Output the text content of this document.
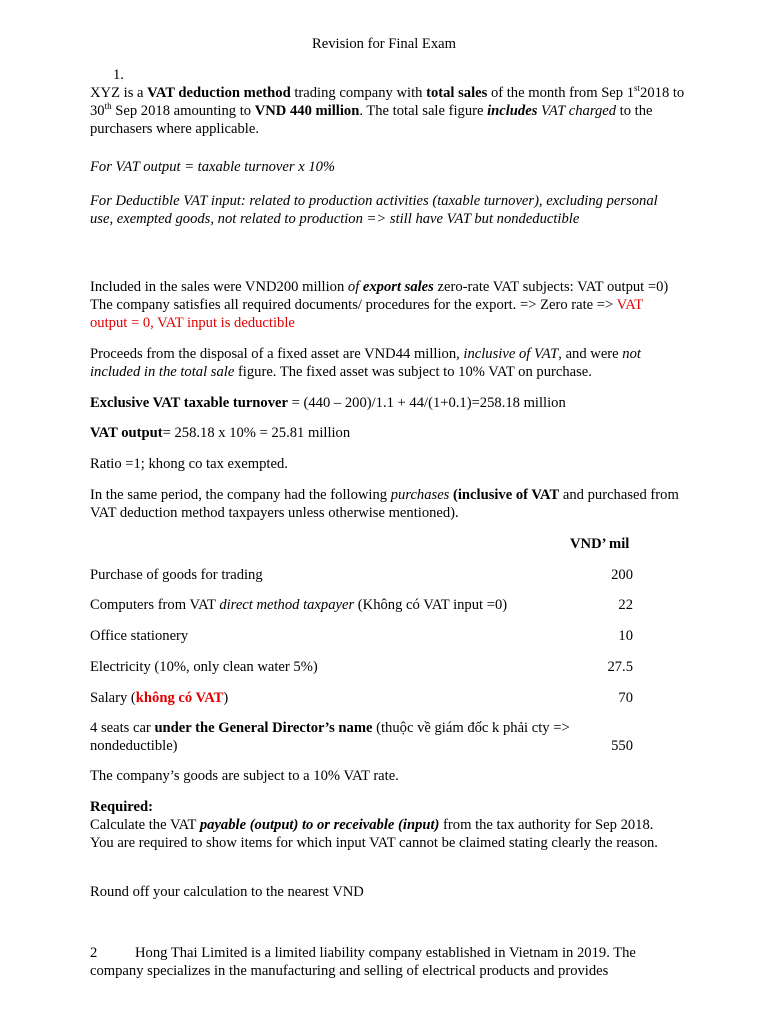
Revision for Final Exam
1.
XYZ is a VAT deduction method trading company with total sales of the month from Sep 1st2018 to 30th Sep 2018 amounting to VND 440 million. The total sale figure includes VAT charged to the purchasers where applicable.
For VAT output = taxable turnover x 10%
For Deductible VAT input: related to production activities (taxable turnover), excluding personal use, exempted goods, not related to production => still have VAT but nondeductible
Included in the sales were VND200 million of export sales zero-rate VAT subjects: VAT output =0) The company satisfies all required documents/ procedures for the export. => Zero rate => VAT output = 0, VAT input is deductible
Proceeds from the disposal of a fixed asset are VND44 million, inclusive of VAT, and were not included in the total sale figure. The fixed asset was subject to 10% VAT on purchase.
Exclusive VAT taxable turnover = (440 – 200)/1.1 + 44/(1+0.1)=258.18 million
VAT output= 258.18 x 10% = 25.81 million
Ratio =1; khong co tax exempted.
In the same period, the company had the following purchases (inclusive of VAT and purchased from VAT deduction method taxpayers unless otherwise mentioned).
VND’ mil
Purchase of goods for trading	200
Computers from VAT direct method taxpayer (Không có VAT input =0)	22
Office stationery	10
Electricity (10%, only clean water 5%)	27.5
Salary (không có VAT)	70
4 seats car under the General Director’s name (thuộc về giám đốc k phải cty => nondeductible)	550
The company’s goods are subject to a 10% VAT rate.
Required:
Calculate the VAT payable (output) to or receivable (input) from the tax authority for Sep 2018. You are required to show items for which input VAT cannot be claimed stating clearly the reason.
Round off your calculation to the nearest VND
2	Hong Thai Limited is a limited liability company established in Vietnam in 2019. The company specializes in the manufacturing and selling of electrical products and provides
